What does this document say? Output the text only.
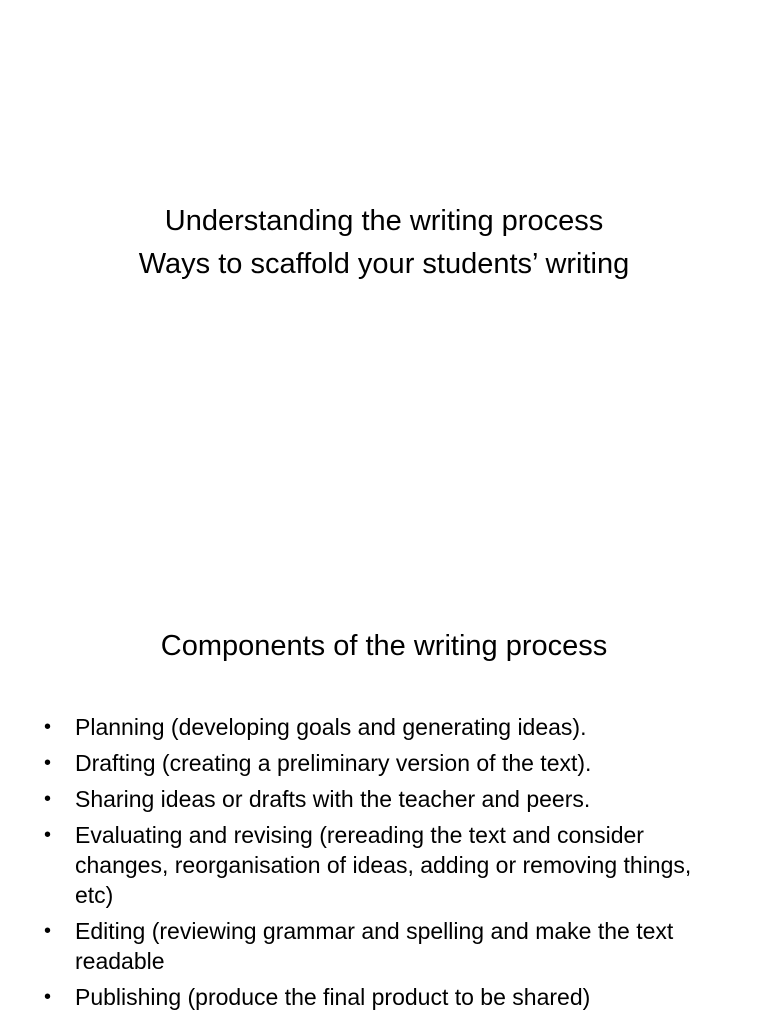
Understanding the writing process
Ways to scaffold your students’ writing
Components of the writing process
• Planning (developing goals and generating ideas).
• Drafting (creating a preliminary version of the text).
• Sharing ideas or drafts with the teacher and peers.
• Evaluating and revising (rereading the text and consider changes, reorganisation of ideas, adding or removing things, etc)
• Editing (reviewing grammar and spelling and make the text readable
• Publishing (produce the final product to be shared)
